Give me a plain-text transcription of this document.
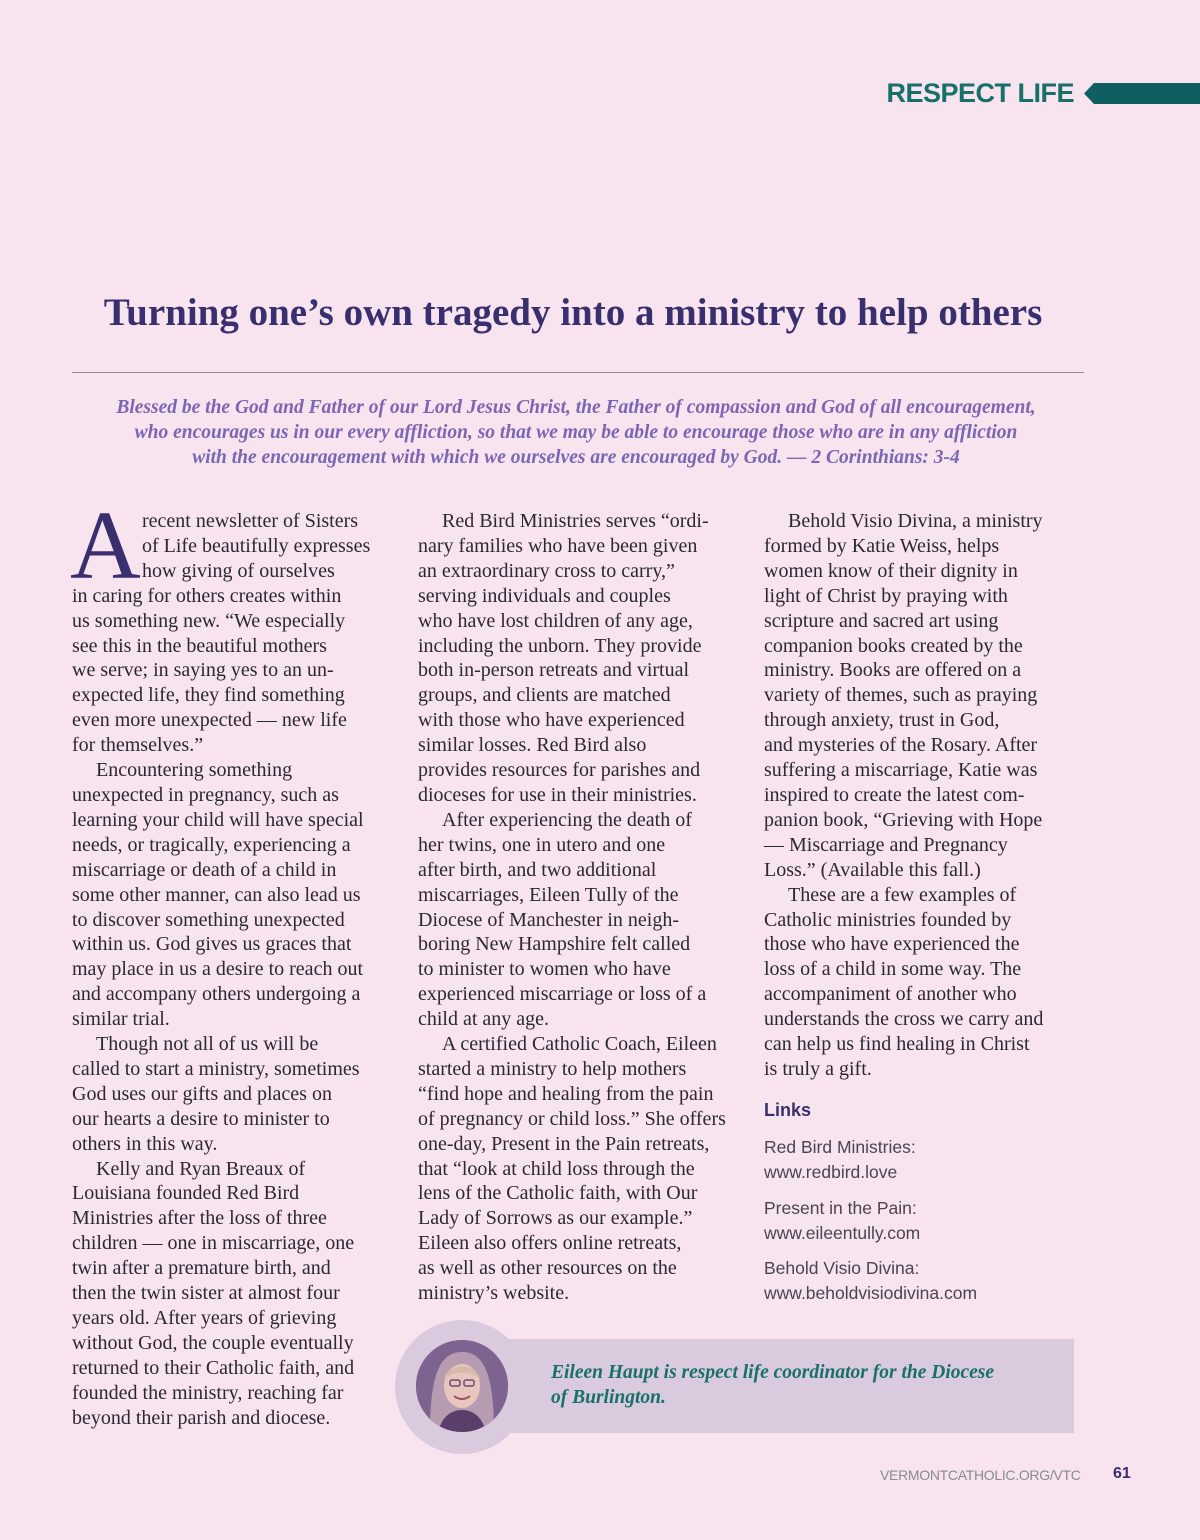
RESPECT LIFE
Turning one’s own tragedy into a ministry to help others
Blessed be the God and Father of our Lord Jesus Christ, the Father of compassion and God of all encouragement,
who encourages us in our every affliction, so that we may be able to encourage those who are in any affliction
with the encouragement with which we ourselves are encouraged by God. — 2 Corinthians: 3-4
A recent newsletter of Sisters
of Life beautifully expresses
how giving of ourselves
in caring for others creates within
us something new. “We especially
see this in the beautiful mothers
we serve; in saying yes to an un-
expected life, they find something
even more unexpected — new life
for themselves.”

Encountering something
unexpected in pregnancy, such as
learning your child will have special
needs, or tragically, experiencing a
miscarriage or death of a child in
some other manner, can also lead us
to discover something unexpected
within us. God gives us graces that
may place in us a desire to reach out
and accompany others undergoing a
similar trial.

Though not all of us will be
called to start a ministry, sometimes
God uses our gifts and places on
our hearts a desire to minister to
others in this way.

Kelly and Ryan Breaux of
Louisiana founded Red Bird
Ministries after the loss of three
children — one in miscarriage, one
twin after a premature birth, and
then the twin sister at almost four
years old. After years of grieving
without God, the couple eventually
returned to their Catholic faith, and
founded the ministry, reaching far
beyond their parish and diocese.

Red Bird Ministries serves “ordi-
nary families who have been given
an extraordinary cross to carry,”
serving individuals and couples
who have lost children of any age,
including the unborn. They provide
both in-person retreats and virtual
groups, and clients are matched
with those who have experienced
similar losses. Red Bird also
provides resources for parishes and
dioceses for use in their ministries.

After experiencing the death of
her twins, one in utero and one
after birth, and two additional
miscarriages, Eileen Tully of the
Diocese of Manchester in neigh-
boring New Hampshire felt called
to minister to women who have
experienced miscarriage or loss of a
child at any age.

A certified Catholic Coach, Eileen
started a ministry to help mothers
“find hope and healing from the pain
of pregnancy or child loss.” She offers
one-day, Present in the Pain retreats,
that “look at child loss through the
lens of the Catholic faith, with Our
Lady of Sorrows as our example.”
Eileen also offers online retreats,
as well as other resources on the
ministry’s website.

Behold Visio Divina, a ministry
formed by Katie Weiss, helps
women know of their dignity in
light of Christ by praying with
scripture and sacred art using
companion books created by the
ministry. Books are offered on a
variety of themes, such as praying
through anxiety, trust in God,
and mysteries of the Rosary. After
suffering a miscarriage, Katie was
inspired to create the latest com-
panion book, “Grieving with Hope
— Miscarriage and Pregnancy
Loss.” (Available this fall.)

These are a few examples of
Catholic ministries founded by
those who have experienced the
loss of a child in some way. The
accompaniment of another who
understands the cross we carry and
can help us find healing in Christ
is truly a gift.

Links
Red Bird Ministries:
www.redbird.love
Present in the Pain:
www.eileentully.com
Behold Visio Divina:
www.beholdvisiodivina.com
Eileen Haupt is respect life coordinator for the Diocese
of Burlington.
VERMONTCATHOLIC.ORG/VTC 61
